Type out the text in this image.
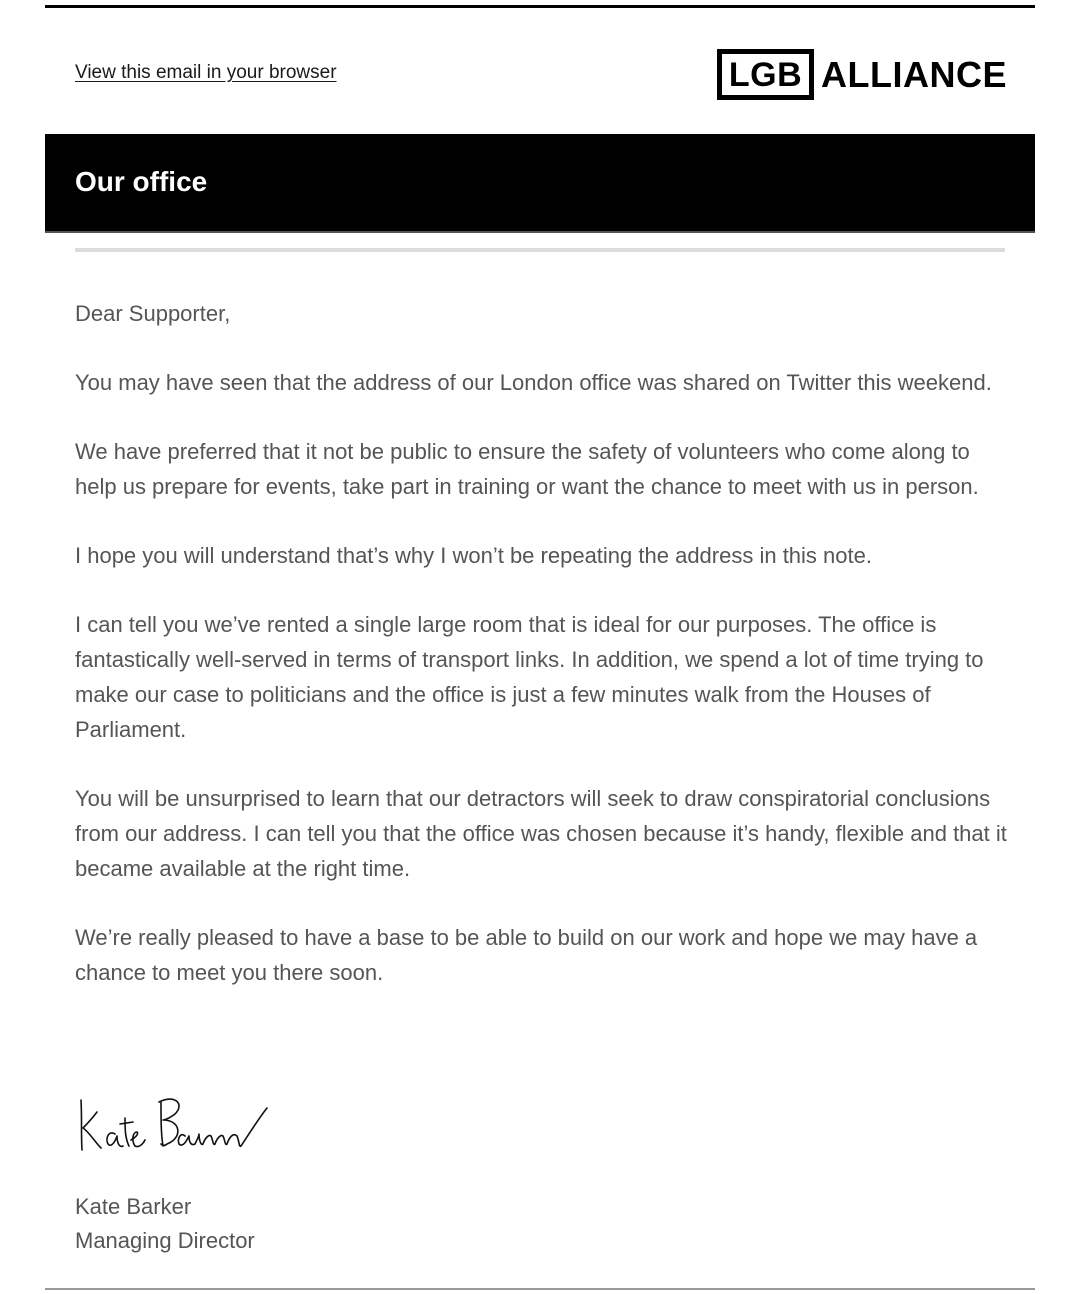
View this email in your browser	LGB ALLIANCE
Our office

Dear Supporter,

You may have seen that the address of our London office was shared on Twitter this weekend.

We have preferred that it not be public to ensure the safety of volunteers who come along to help us prepare for events, take part in training or want the chance to meet with us in person.

I hope you will understand that’s why I won’t be repeating the address in this note.

I can tell you we’ve rented a single large room that is ideal for our purposes. The office is fantastically well-served in terms of transport links. In addition, we spend a lot of time trying to make our case to politicians and the office is just a few minutes walk from the Houses of Parliament.

You will be unsurprised to learn that our detractors will seek to draw conspiratorial conclusions from our address. I can tell you that the office was chosen because it’s handy, flexible and that it became available at the right time.

We’re really pleased to have a base to be able to build on our work and hope we may have a chance to meet you there soon.

Kate Barker
Managing Director
